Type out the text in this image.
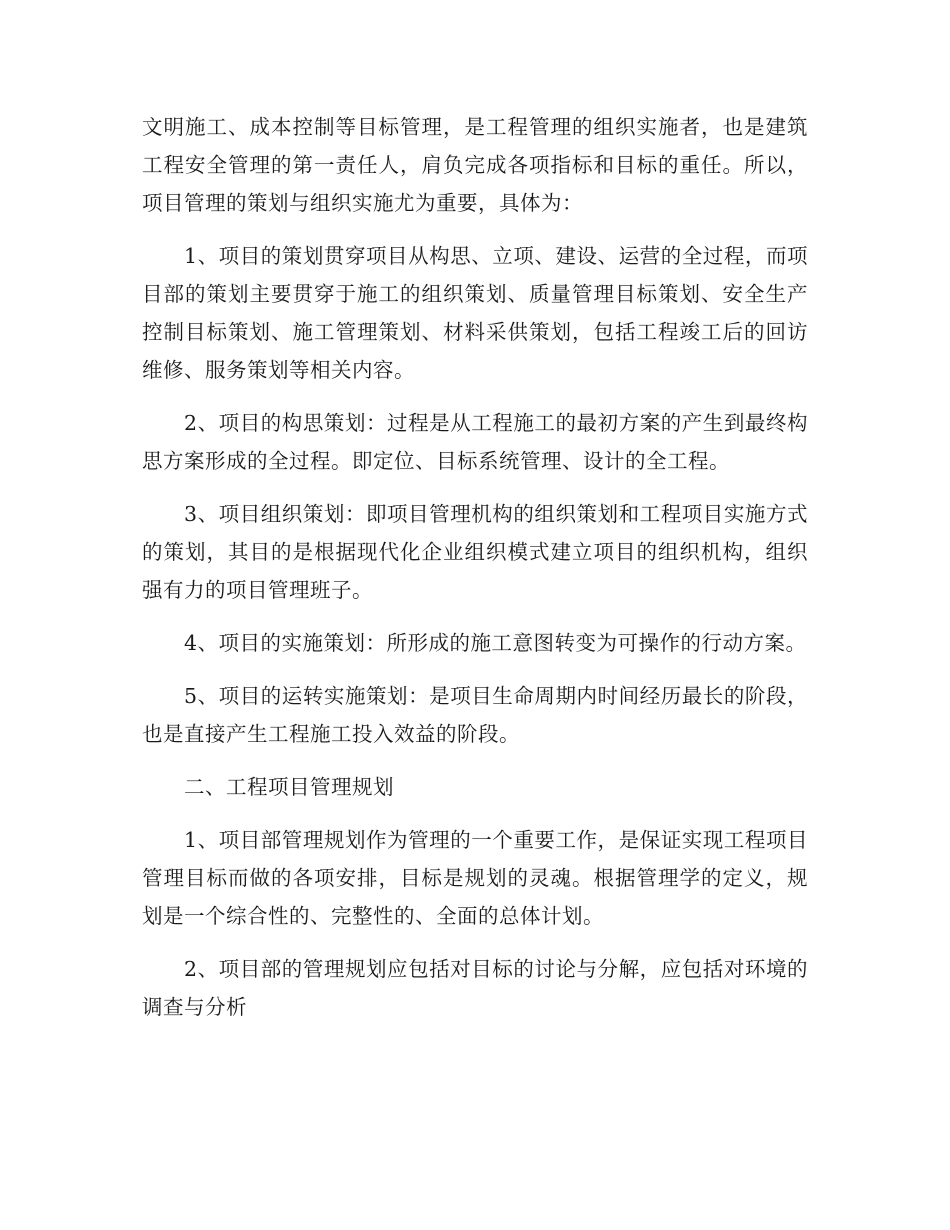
文明施工、成本控制等目标管理，是工程管理的组织实施者，也是建筑工程安全管理的第一责任人，肩负完成各项指标和目标的重任。所以，项目管理的策划与组织实施尤为重要，具体为：

1、项目的策划贯穿项目从构思、立项、建设、运营的全过程，而项目部的策划主要贯穿于施工的组织策划、质量管理目标策划、安全生产控制目标策划、施工管理策划、材料采供策划，包括工程竣工后的回访维修、服务策划等相关内容。

2、项目的构思策划：过程是从工程施工的最初方案的产生到最终构思方案形成的全过程。即定位、目标系统管理、设计的全工程。

3、项目组织策划：即项目管理机构的组织策划和工程项目实施方式的策划，其目的是根据现代化企业组织模式建立项目的组织机构，组织强有力的项目管理班子。

4、项目的实施策划：所形成的施工意图转变为可操作的行动方案。

5、项目的运转实施策划：是项目生命周期内时间经历最长的阶段，也是直接产生工程施工投入效益的阶段。

二、工程项目管理规划

1、项目部管理规划作为管理的一个重要工作，是保证实现工程项目管理目标而做的各项安排，目标是规划的灵魂。根据管理学的定义，规划是一个综合性的、完整性的、全面的总体计划。

2、项目部的管理规划应包括对目标的讨论与分解，应包括对环境的调查与分析
